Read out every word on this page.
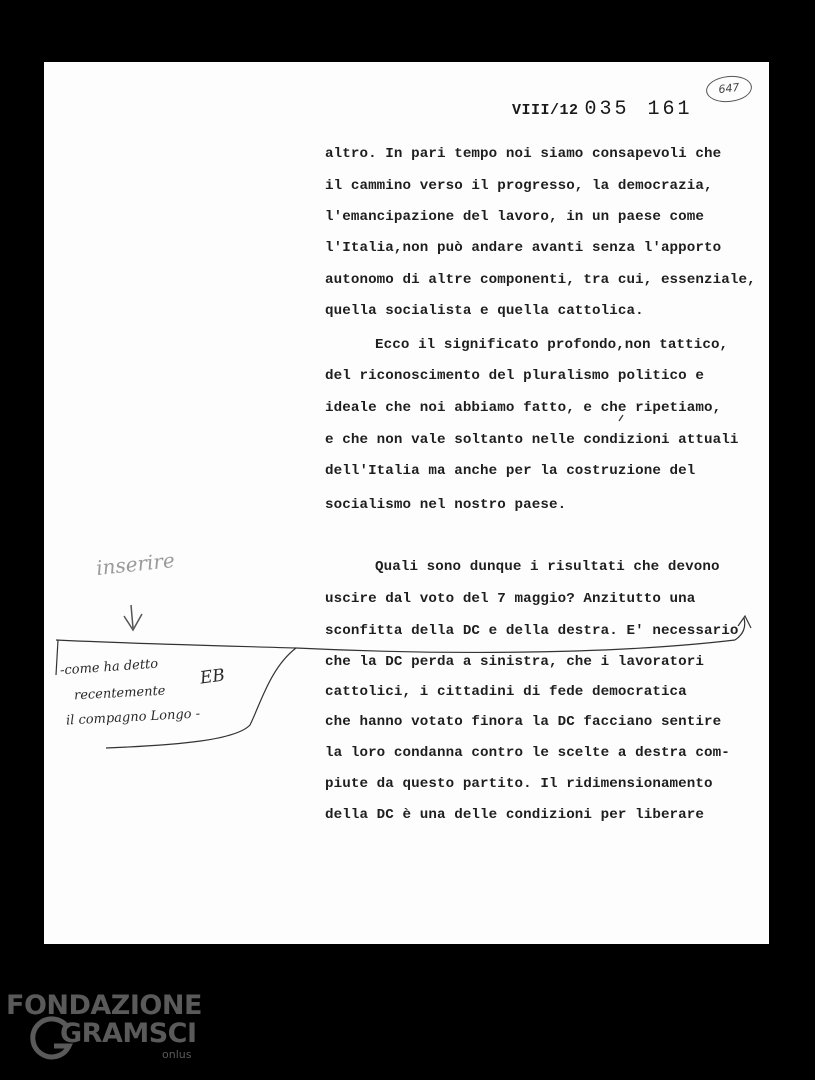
VIII/12 035 161
647
altro. In pari tempo noi siamo consapevoli che
il cammino verso il progresso, la democrazia,
l'emancipazione del lavoro, in un paese come
l'Italia,non può andare avanti senza l'apporto
autonomo di altre componenti, tra cui, essenziale,
quella socialista e quella cattolica.
Ecco il significato profondo,non tattico,
del riconoscimento del pluralismo politico e
ideale che noi abbiamo fatto, e che ripetiamo,
e che non vale soltanto nelle condizioni attuali
dell'Italia ma anche per la costruzione del
socialismo nel nostro paese.
Quali sono dunque i risultati che devono
uscire dal voto del 7 maggio? Anzitutto una
sconfitta della DC e della destra. E' necessario
che la DC perda a sinistra, che i lavoratori
cattolici, i cittadini di fede democratica
che hanno votato finora la DC facciano sentire
la loro condanna contro le scelte a destra com-
piute da questo partito. Il ridimensionamento
della DC è una delle condizioni per liberare
inserire
-come ha detto
recentemente
il compagno Longo -
EB
FONDAZIONE
GRAMSCI
onlus
